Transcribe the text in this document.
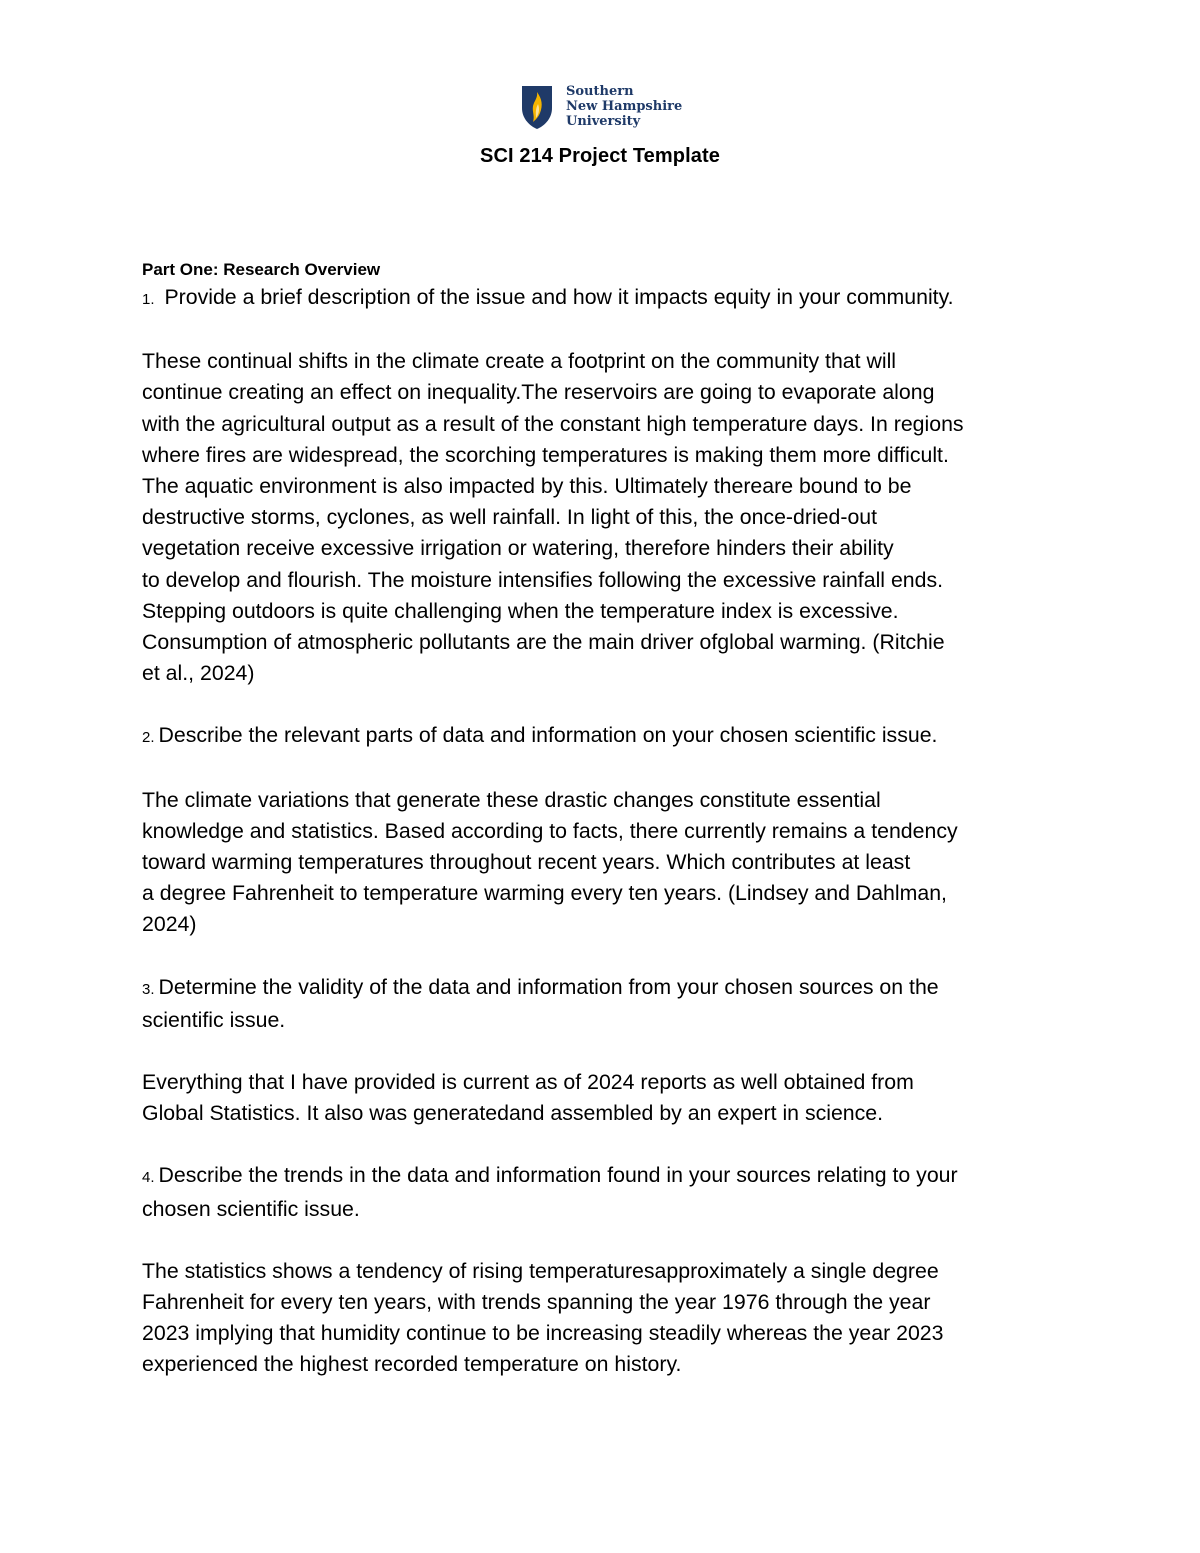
Southern
New Hampshire
University
SCI 214 Project Template

Part One: Research Overview

1. Provide a brief description of the issue and how it impacts equity in your community.

These continual shifts in the climate create a footprint on the community that will
continue creating an effect on inequality.The reservoirs are going to evaporate along
with the agricultural output as a result of the constant high temperature days. In regions
where fires are widespread, the scorching temperatures is making them more difficult.
The aquatic environment is also impacted by this. Ultimately thereare bound to be
destructive storms, cyclones, as well rainfall. In light of this, the once-dried-out
vegetation receive excessive irrigation or watering, therefore hinders their ability
to develop and flourish. The moisture intensifies following the excessive rainfall ends.
Stepping outdoors is quite challenging when the temperature index is excessive.
Consumption of atmospheric pollutants are the main driver ofglobal warming. (Ritchie
et al., 2024)

2. Describe the relevant parts of data and information on your chosen scientific issue.

The climate variations that generate these drastic changes constitute essential
knowledge and statistics. Based according to facts, there currently remains a tendency
toward warming temperatures throughout recent years. Which contributes at least
a degree Fahrenheit to temperature warming every ten years. (Lindsey and Dahlman,
2024)

3. Determine the validity of the data and information from your chosen sources on the
scientific issue.

Everything that I have provided is current as of 2024 reports as well obtained from
Global Statistics. It also was generatedand assembled by an expert in science.

4. Describe the trends in the data and information found in your sources relating to your
chosen scientific issue.

The statistics shows a tendency of rising temperaturesapproximately a single degree
Fahrenheit for every ten years, with trends spanning the year 1976 through the year
2023 implying that humidity continue to be increasing steadily whereas the year 2023
experienced the highest recorded temperature on history.
